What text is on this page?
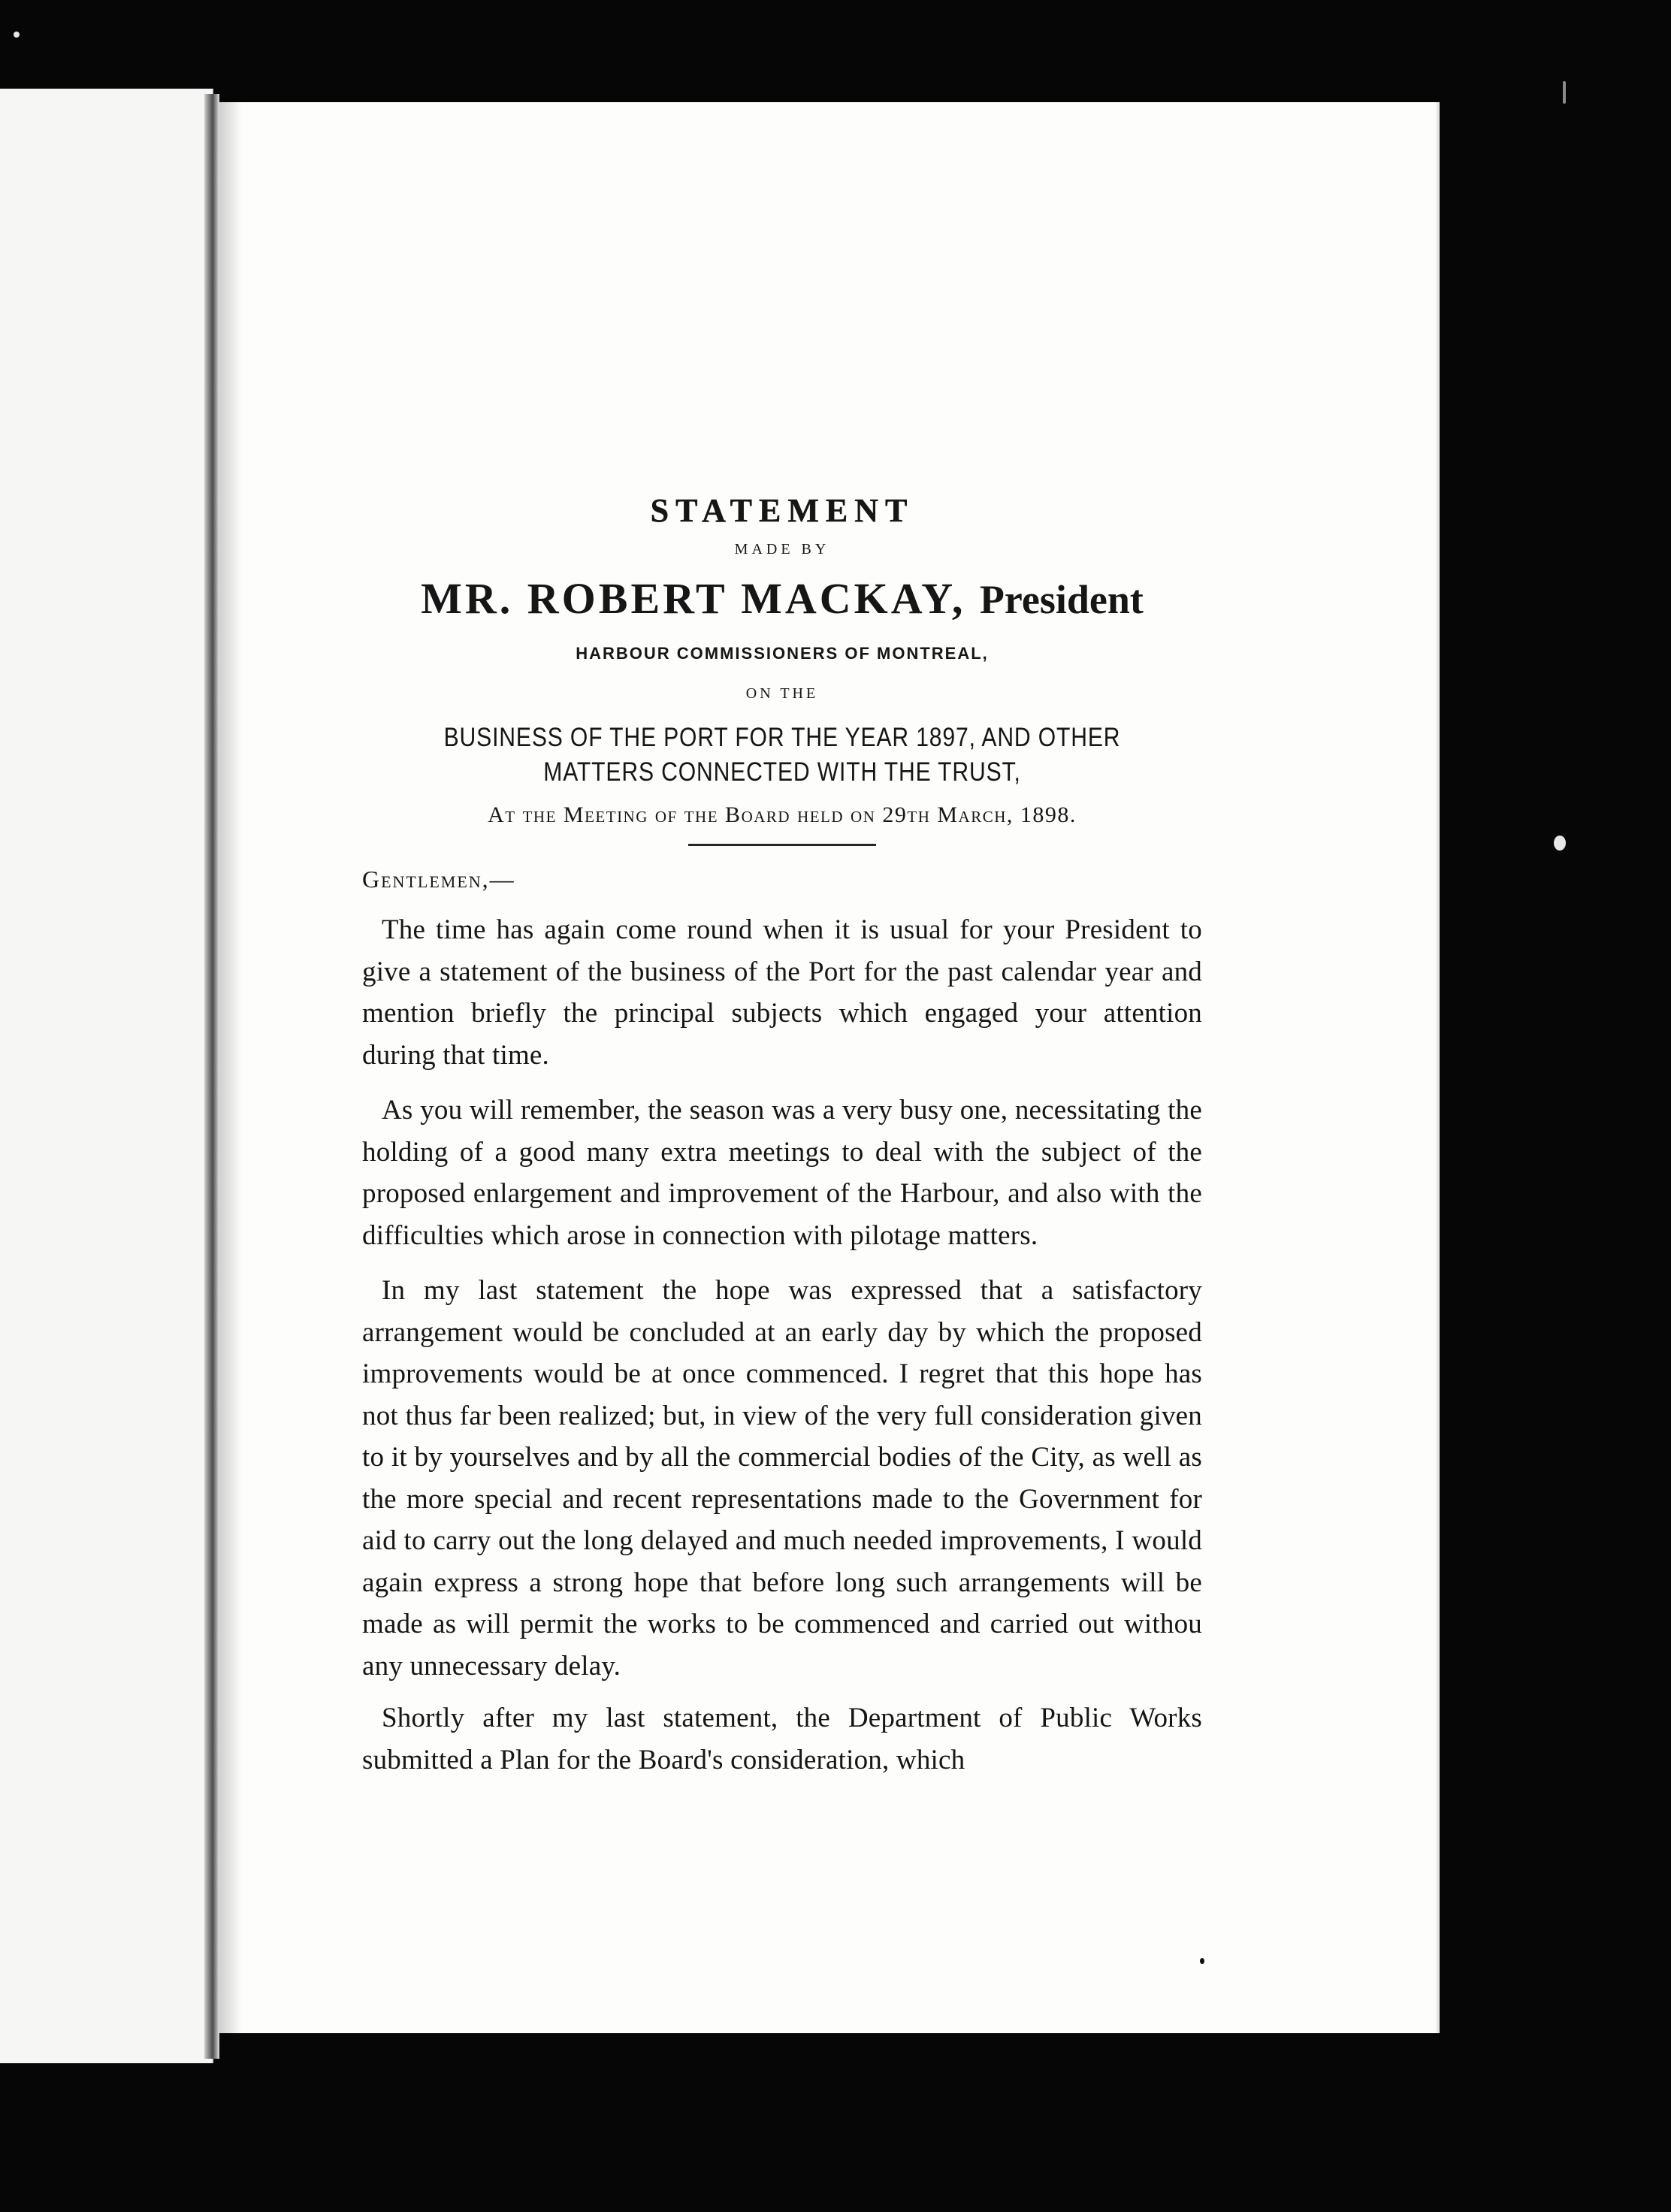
STATEMENT

MADE BY

MR. ROBERT MACKAY, President

HARBOUR COMMISSIONERS OF MONTREAL,

ON THE

BUSINESS OF THE PORT FOR THE YEAR 1897, AND OTHER

MATTERS CONNECTED WITH THE TRUST,

At the Meeting of the Board held on 29th March, 1898.

Gentlemen,—

The time has again come round when it is usual for your President to give a statement of the business of the Port for the past calendar year and mention briefly the principal subjects which engaged your attention during that time.

As you will remember, the season was a very busy one, necessitating the holding of a good many extra meetings to deal with the subject of the proposed enlargement and improvement of the Harbour, and also with the difficulties which arose in connection with pilotage matters.

In my last statement the hope was expressed that a satisfactory arrangement would be concluded at an early day by which the proposed improvements would be at once commenced. I regret that this hope has not thus far been realized; but, in view of the very full consideration given to it by yourselves and by all the commercial bodies of the City, as well as the more special and recent representations made to the Government for aid to carry out the long delayed and much needed improvements, I would again express a strong hope that before long such arrangements will be made as will permit the works to be commenced and carried out withou any unnecessary delay.

Shortly after my last statement, the Department of Public Works submitted a Plan for the Board's consideration, which
